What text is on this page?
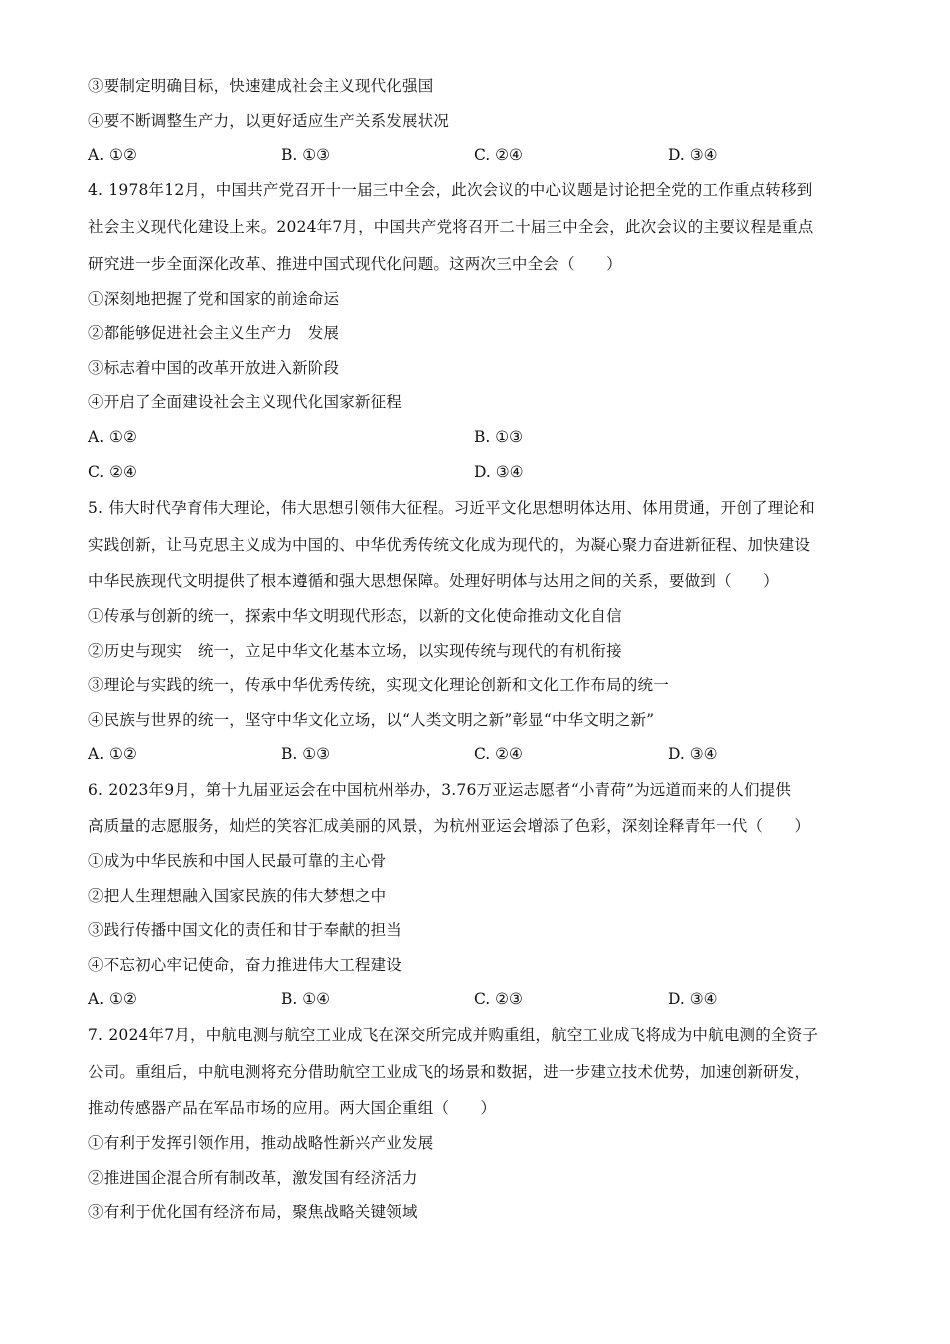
③要制定明确目标，快速建成社会主义现代化强国
④要不断调整生产力，以更好适应生产关系发展状况
A. ①②	B. ①③	C. ②④	D. ③④
4. 1978年12月，中国共产党召开十一届三中全会，此次会议的中心议题是讨论把全党的工作重点转移到
社会主义现代化建设上来。2024年7月，中国共产党将召开二十届三中全会，此次会议的主要议程是重点
研究进一步全面深化改革、推进中国式现代化问题。这两次三中全会（　　）
①深刻地把握了党和国家的前途命运
②都能够促进社会主义生产力　发展
③标志着中国的改革开放进入新阶段
④开启了全面建设社会主义现代化国家新征程
A. ①②	B. ①③
C. ②④	D. ③④
5. 伟大时代孕育伟大理论，伟大思想引领伟大征程。习近平文化思想明体达用、体用贯通，开创了理论和
实践创新，让马克思主义成为中国的、中华优秀传统文化成为现代的，为凝心聚力奋进新征程、加快建设
中华民族现代文明提供了根本遵循和强大思想保障。处理好明体与达用之间的关系，要做到（　　）
①传承与创新的统一，探索中华文明现代形态，以新的文化使命推动文化自信
②历史与现实　统一，立足中华文化基本立场，以实现传统与现代的有机衔接
③理论与实践的统一，传承中华优秀传统，实现文化理论创新和文化工作布局的统一
④民族与世界的统一，坚守中华文化立场，以“人类文明之新”彰显“中华文明之新”
A. ①②	B. ①③	C. ②④	D. ③④
6. 2023年9月，第十九届亚运会在中国杭州举办，3.76万亚运志愿者“小青荷”为远道而来的人们提供
高质量的志愿服务，灿烂的笑容汇成美丽的风景，为杭州亚运会增添了色彩，深刻诠释青年一代（　　）
①成为中华民族和中国人民最可靠的主心骨
②把人生理想融入国家民族的伟大梦想之中
③践行传播中国文化的责任和甘于奉献的担当
④不忘初心牢记使命，奋力推进伟大工程建设
A. ①②	B. ①④	C. ②③	D. ③④
7. 2024年7月，中航电测与航空工业成飞在深交所完成并购重组，航空工业成飞将成为中航电测的全资子
公司。重组后，中航电测将充分借助航空工业成飞的场景和数据，进一步建立技术优势，加速创新研发，
推动传感器产品在军品市场的应用。两大国企重组（　　）
①有利于发挥引领作用，推动战略性新兴产业发展
②推进国企混合所有制改革，激发国有经济活力
③有利于优化国有经济布局，聚焦战略关键领域
